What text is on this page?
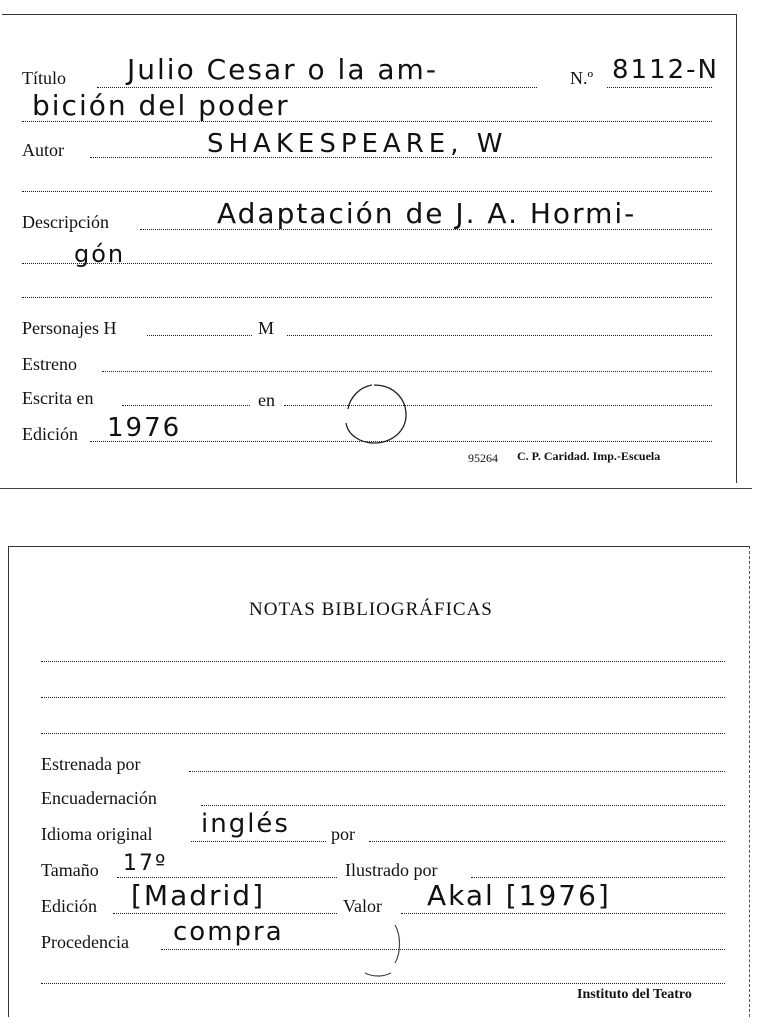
Título Julio Cesar o la am-	N.º 8112-N
bición del poder
Autor	SHAKESPEARE, W
Descripción	Adaptación de J. A. Hormi-
gón
Personajes H	M
Estreno
Escrita en	en
Edición 1976
95264 C. P. Caridad. Imp.-Escuela
NOTAS BIBLIOGRÁFICAS
Estrenada por
Encuadernación
Idioma original inglés por
Tamaño 17º	Ilustrado por
Edición [Madrid]	Valor Akal [1976]
Procedencia compra
Instituto del Teatro
